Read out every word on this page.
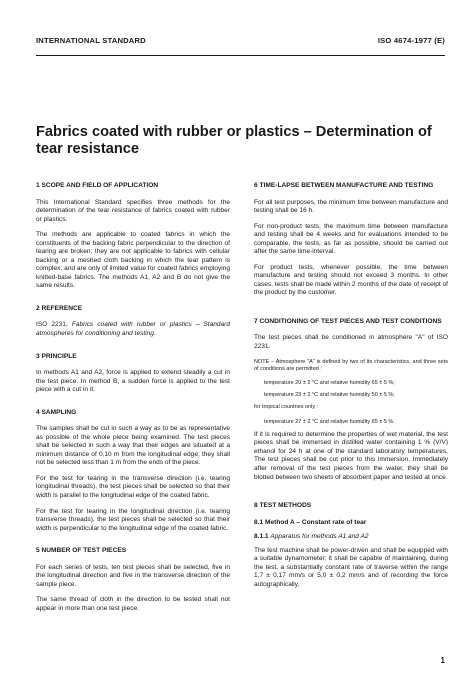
INTERNATIONAL STANDARD	ISO 4674-1977 (E)
Fabrics coated with rubber or plastics – Determination of tear resistance
1 SCOPE AND FIELD OF APPLICATION

This International Standard specifies three methods for the determination of the tear resistance of fabrics coated with rubber or plastics.

The methods are applicable to coated fabrics in which the constituents of the backing fabric perpendicular to the direction of tearing are broken; they are not applicable to fabrics with cellular backing or a meshed cloth backing in which the tear pattern is complex, and are only of limited value for coated fabrics employing knitted-base fabrics. The methods A1, A2 and B do not give the same results.

2 REFERENCE

ISO 2231, Fabrics coated with rubber or plastics – Standard atmospheres for conditioning and testing.

3 PRINCIPLE

In methods A1 and A2, force is applied to extend steadily a cut in the test piece. In method B, a sudden force is applied to the test piece with a cut in it.

4 SAMPLING

The samples shall be cut in such a way as to be as representative as possible of the whole piece being examined. The test pieces shall be selected in such a way that their edges are situated at a minimum distance of 0,10 m from the longitudinal edge; they shall not be selected less than 1 m from the ends of the piece.

For the test for tearing in the transverse direction (i.e. tearing longitudinal threads), the test pieces shall be selected so that their width is parallel to the longitudinal edge of the coated fabric.

For the test for tearing in the longitudinal direction (i.e. tearing transverse threads), the test pieces shall be selected so that their width is perpendicular to the longitudinal edge of the coated fabric.

5 NUMBER OF TEST PIECES

For each series of tests, ten test pieces shall be selected, five in the longitudinal direction and five in the transverse direction of the sample piece.

The same thread of cloth in the direction to be tested shall not appear in more than one test piece.

6 TIME-LAPSE BETWEEN MANUFACTURE AND TESTING

For all test purposes, the minimum time between manufacture and testing shall be 16 h.

For non-product tests, the maximum time between manufacture and testing shall be 4 weeks and for evaluations intended to be comparable, the tests, as far as possible, should be carried out after the same time-interval.

For product tests, whenever possible, the time between manufacture and testing should not exceed 3 months. In other cases, tests shall be made within 2 months of the date of receipt of the product by the customer.

7 CONDITIONING OF TEST PIECES AND TEST CONDITIONS

The test pieces shall be conditioned in atmosphere "A" of ISO 2231.

NOTE – Atmosphere "A" is defined by two of its characteristics, and three sets of conditions are permitted :

temperature 20 ± 2 °C and relative humidity 65 ± 5 %;

temperature 23 ± 2 °C and relative humidity 50 ± 5 %;

for tropical countries only :

temperature 27 ± 2 °C and relative humidity 65 ± 5 %.

If it is required to determine the properties of wet material, the test pieces shall be immersed in distilled water containing 1 % (V/V) ethanol for 24 h at one of the standard laboratory temperatures. The test pieces shall be cut prior to this immersion. Immediately after removal of the test pieces from the water, they shall be blotted between two sheets of absorbent paper and tested at once.

8 TEST METHODS
8.1 Method A – Constant rate of tear

8.1.1 Apparatus for methods A1 and A2

The test machine shall be power-driven and shall be equipped with a suitable dynamometer; it shall be capable of maintaining, during the test, a substantially constant rate of traverse within the range 1,7 ± 0,17 mm/s or 5,0 ± 0,2 mm/s and of recording the force autographically.

1
